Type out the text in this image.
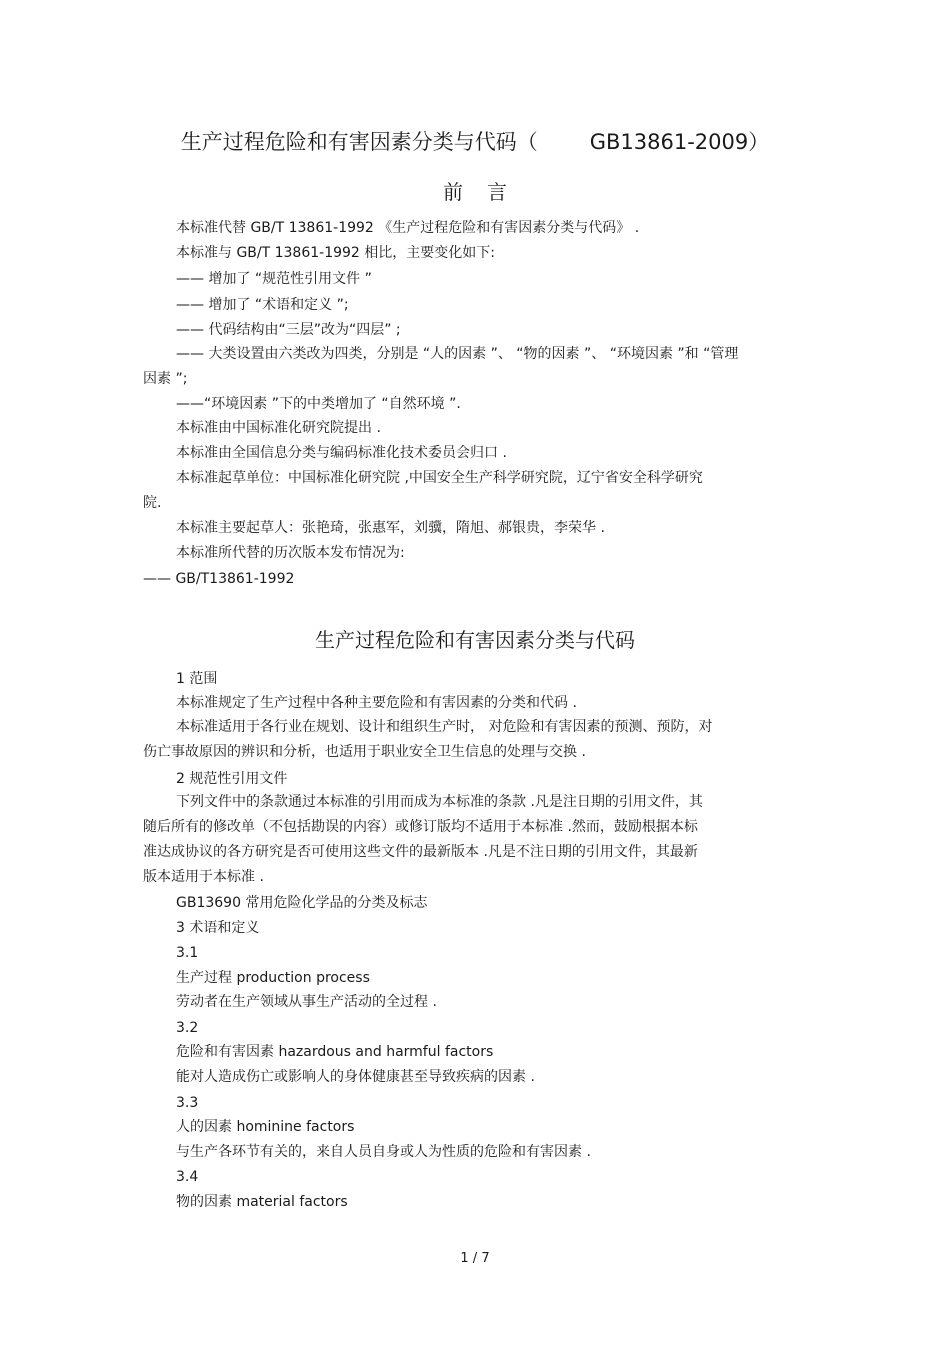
生产过程危险和有害因素分类与代码（ GB13861-2009）
前言
本标准代替 GB/T 13861-1992 《生产过程危险和有害因素分类与代码》 .
本标准与 GB/T 13861-1992 相比，主要变化如下:
—— 增加了 “规范性引用文件 ”
—— 增加了 “术语和定义 ”;
—— 代码结构由“三层”改为“四层” ;
—— 大类设置由六类改为四类，分别是 “人的因素 ”、 “物的因素 ”、 “环境因素 ”和 “管理
因素 ”;
——“环境因素 ”下的中类增加了 “自然环境 ”.
本标准由中国标准化研究院提出 .
本标准由全国信息分类与编码标准化技术委员会归口 .
本标准起草单位：中国标准化研究院 ,中国安全生产科学研究院，辽宁省安全科学研究
院.
本标准主要起草人：张艳琦，张惠军，刘骥，隋旭、郝银贵，李荣华 .
本标准所代替的历次版本发布情况为:
—— GB/T13861-1992
生产过程危险和有害因素分类与代码
1 范围
本标准规定了生产过程中各种主要危险和有害因素的分类和代码 .
本标准适用于各行业在规划、设计和组织生产时， 对危险和有害因素的预测、预防，对
伤亡事故原因的辨识和分析，也适用于职业安全卫生信息的处理与交换 .
2 规范性引用文件
下列文件中的条款通过本标准的引用而成为本标准的条款 .凡是注日期的引用文件，其
随后所有的修改单（不包括勘误的内容）或修订版均不适用于本标准 .然而，鼓励根据本标
准达成协议的各方研究是否可使用这些文件的最新版本 .凡是不注日期的引用文件，其最新
版本适用于本标准 .
GB13690 常用危险化学品的分类及标志
3 术语和定义
3.1
生产过程 production process
劳动者在生产领域从事生产活动的全过程 .
3.2
危险和有害因素 hazardous and harmful factors
能对人造成伤亡或影响人的身体健康甚至导致疾病的因素 .
3.3
人的因素 hominine factors
与生产各环节有关的，来自人员自身或人为性质的危险和有害因素 .
3.4
物的因素 material factors
1 / 7
